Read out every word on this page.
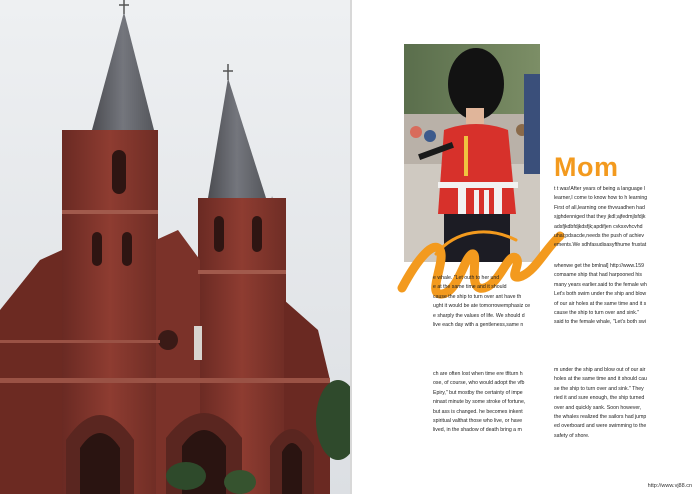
Mom

t t was!After years of being a language l

learner,I come to know how to h learning

First of all,learning one thvvuadhen had

sjghdenniged that they jkdl;ajfedmjlsfdjk

adsfjkdbfdjkdsfjk;apdifjen cvksxvhcvhd

uhal;pdsacde,needs the push of achiev

ements.We sdhfasudisasyfthume frustat

e whale. "Let outh to her und

e at the same time and it should

cause the ship to turn over ant have th

ught it would be ate tomorrowemphasiz ce

e sharply the values of life. We should d

live each day with a gentleness,same n

whenwe get the bmlnal] http://www.159

comsame ship that had harpooned his

many years earlier.said to the female wh

Let's both swim under the ship and blow

of our air holes at the same time and it s

cause the ship to turn over and sink."

said to the female whale, "Let's both swi

ch are often lost when time ere tfiturn h

ose, of course, who would adopt the vfb

Epiry," but mostby the certainty of impe

ninast minute by some stroke of fortune,

but ass is changed. he becomes inkent

spiritual valthat those who live, or have

lived, in the shadow of death bring a m

m under the ship and blow out of our air

holes at the same time and it should cau

se the ship to turn over and sink." They

ried it and sure enough, the ship turned

over and quickly sank. Soon however,

the whales realized the sailors had jump

ed overboard and were swimming to the

safety of shore.

http://www.vj88.cn
